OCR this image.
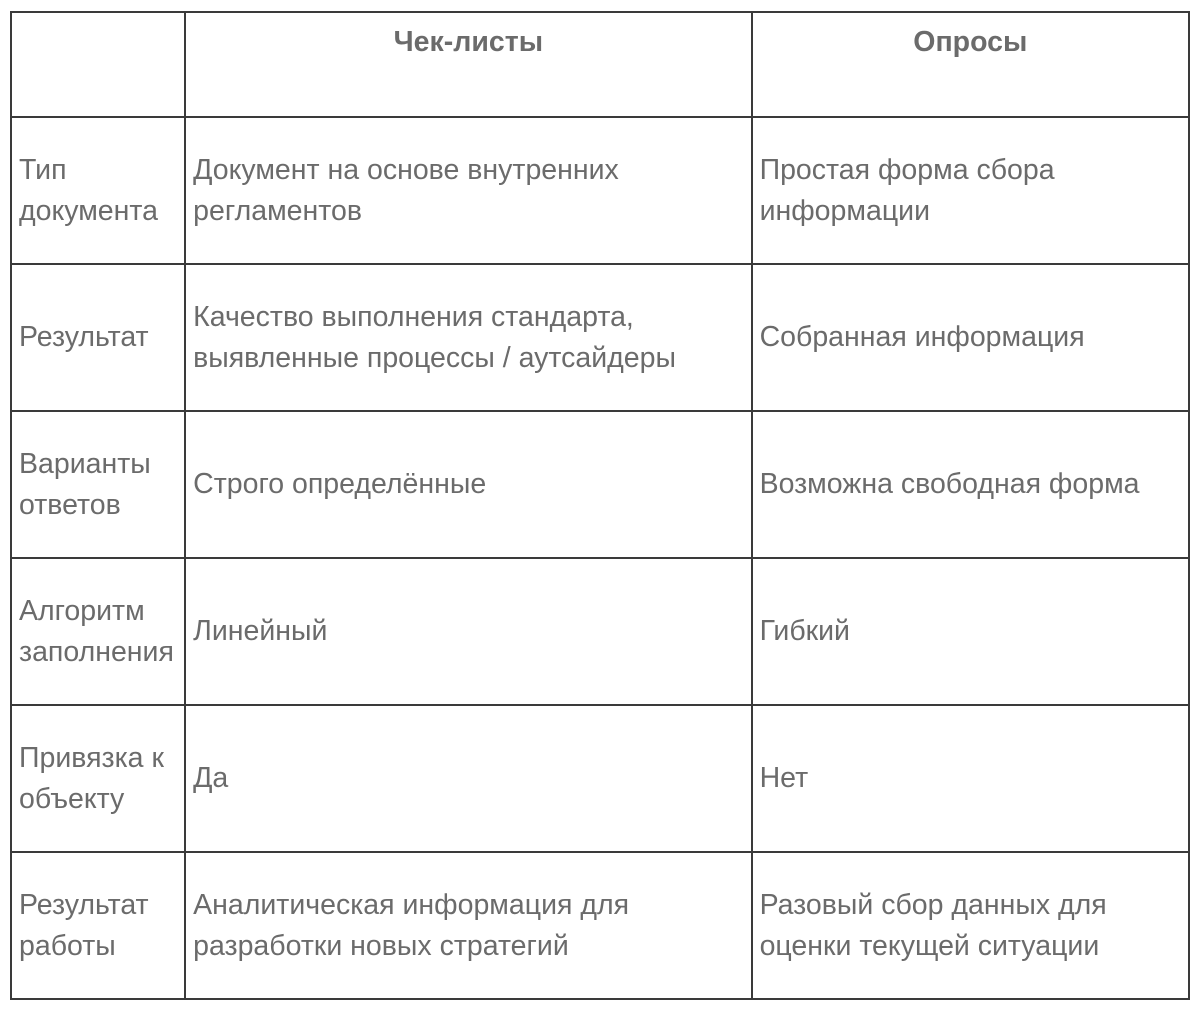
	Чек-листы	Опросы
Тип документа	Документ на основе внутренних регламентов	Простая форма сбора информации
Результат	Качество выполнения стандарта, выявленные процессы / аутсайдеры	Собранная информация
Варианты ответов	Строго определённые	Возможна свободная форма
Алгоритм заполнения	Линейный	Гибкий
Привязка к объекту	Да	Нет
Результат работы	Аналитическая информация для разработки новых стратегий	Разовый сбор данных для оценки текущей ситуации
